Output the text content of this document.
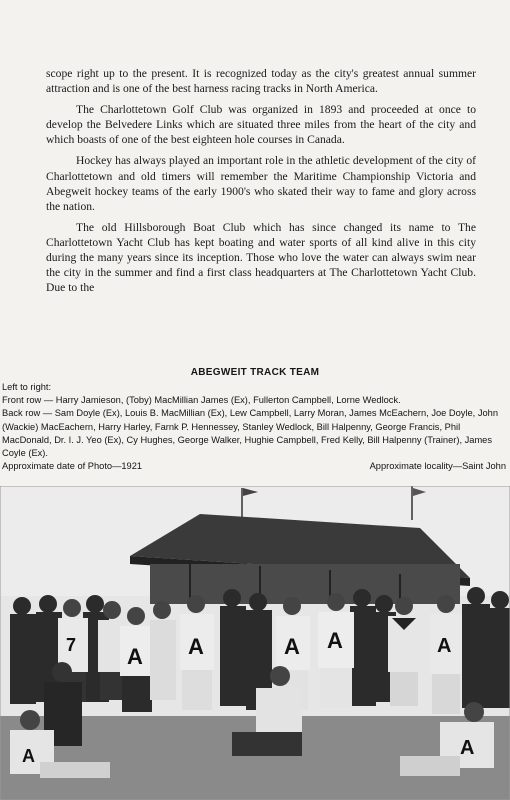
scope right up to the present. It is recognized today as the city's greatest annual summer attraction and is one of the best harness racing tracks in North America.

The Charlottetown Golf Club was organized in 1893 and proceeded at once to develop the Belvedere Links which are situated three miles from the heart of the city and which boasts of one of the best eighteen hole courses in Canada.

Hockey has always played an important role in the athletic development of the city of Charlottetown and old timers will remember the Maritime Championship Victoria and Abegweit hockey teams of the early 1900's who skated their way to fame and glory across the nation.

The old Hillsborough Boat Club which has since changed its name to The Charlottetown Yacht Club has kept boating and water sports of all kind alive in this city during the many years since its inception. Those who love the water can always swim near the city in the summer and find a first class headquarters at The Charlottetown Yacht Club. Due to the

ABEGWEIT TRACK TEAM
Left to right:
Front row — Harry Jamieson, (Toby) MacMillian James (Ex), Fullerton Campbell, Lorne Wedlock.
Back row — Sam Doyle (Ex), Louis B. MacMillian (Ex), Lew Campbell, Larry Moran, James McEachern, Joe Doyle, John (Wackie) MacEachern, Harry Harley, Farnk P. Hennessey, Stanley Wedlock, Bill Halpenny, George Francis, Phil MacDonald, Dr. I. J. Yeo (Ex), Cy Hughes, George Walker, Hughie Campbell, Fred Kelly, Bill Halpenny (Trainer), James Coyle (Ex).
Approximate date of Photo—1921	Approximate locality—Saint John
7 A A	A A	A
A	A
